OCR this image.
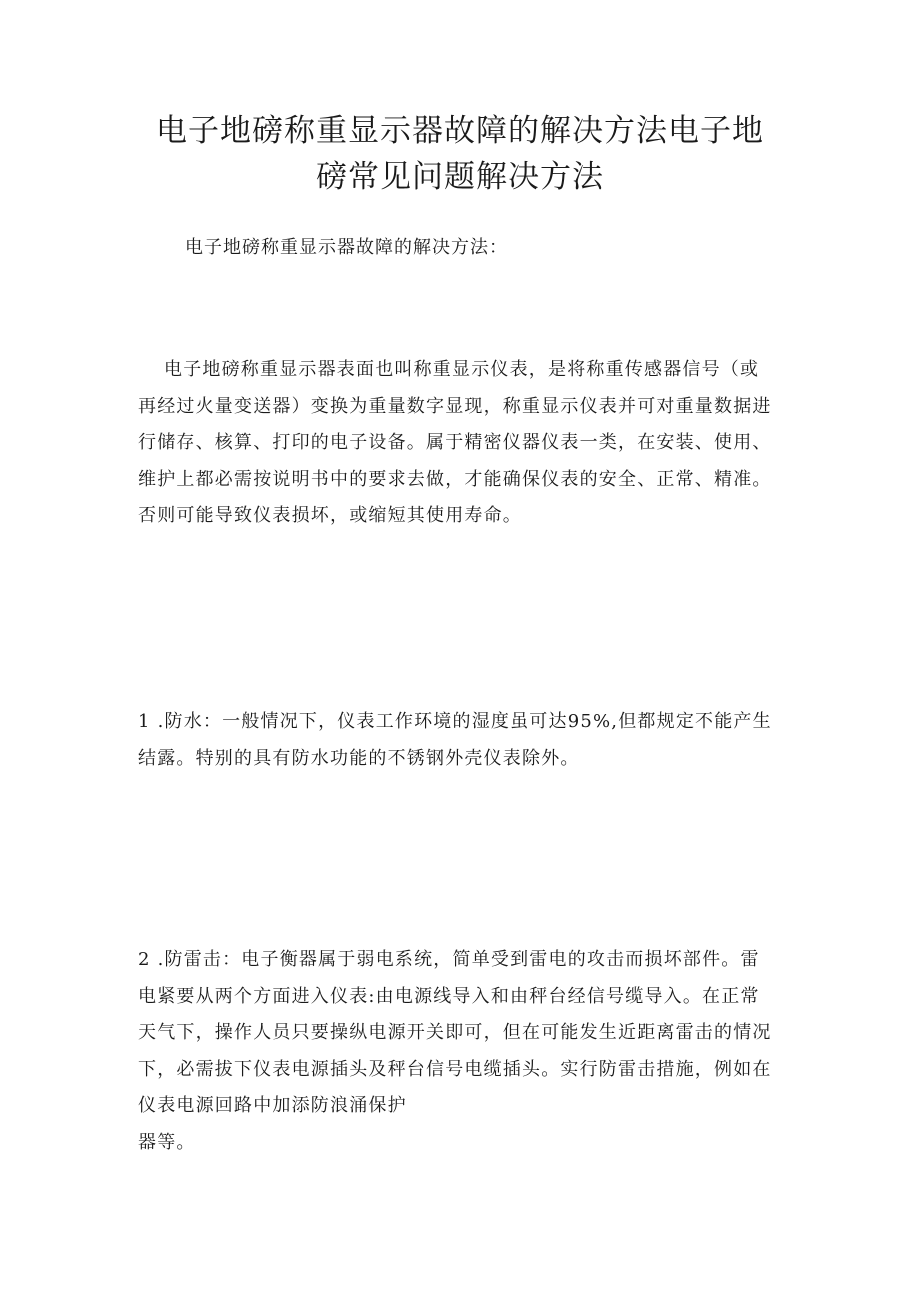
电子地磅称重显示器故障的解决方法电子地
磅常见问题解决方法

电子地磅称重显示器故障的解决方法：

电子地磅称重显示器表面也叫称重显示仪表，是将称重传感器信号（或
再经过火量变送器）变换为重量数字显现，称重显示仪表并可对重量数据进
行储存、核算、打印的电子设备。属于精密仪器仪表一类，在安装、使用、
维护上都必需按说明书中的要求去做，才能确保仪表的安全、正常、精准。
否则可能导致仪表损坏，或缩短其使用寿命。
1 .防水：一般情况下，仪表工作环境的湿度虽可达95%,但都规定不能产生
结露。特别的具有防水功能的不锈钢外壳仪表除外。
2 .防雷击：电子衡器属于弱电系统，简单受到雷电的攻击而损坏部件。雷
电紧要从两个方面进入仪表:由电源线导入和由秤台经信号缆导入。在正常
天气下，操作人员只要操纵电源开关即可，但在可能发生近距离雷击的情况
下，必需拔下仪表电源插头及秤台信号电缆插头。实行防雷击措施，例如在
仪表电源回路中加添防浪涌保护
器等。
